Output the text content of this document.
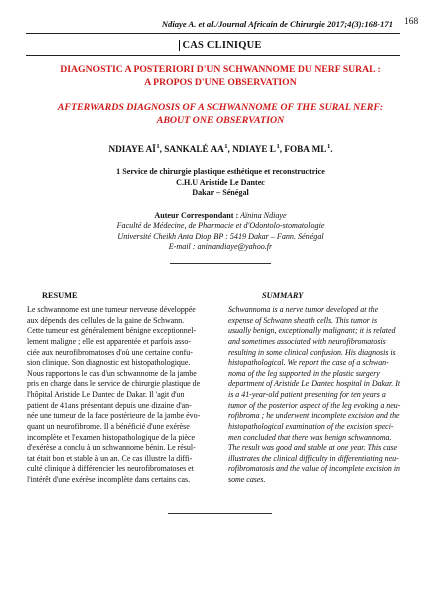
Ndiaye A. et al./Journal Africain de Chirurgie 2017;4(3):168-171 168
CAS CLINIQUE
DIAGNOSTIC A POSTERIORI D'UN SCHWANNOME DU NERF SURAL :
A PROPOS D'UNE OBSERVATION
AFTERWARDS DIAGNOSIS OF A SCHWANNOME OF THE SURAL NERF:
ABOUT ONE OBSERVATION
NDIAYE $AÏ^1$, SANKALÉ $AA^1$, NDIAYE $L^1$, FOBA $ML^1$.
1 Service de chirurgie plastique esthétique et reconstructrice
C.H.U Aristide Le Dantec
Dakar – Sénégal
Auteur Correspondant : Aïnina Ndiaye
Faculté de Médecine, de Pharmacie et d'Odontolo-stomatologie
Université Cheikh Anta Diop BP : 5419 Dakar – Fann. Sénégal
E-mail : aninandiaye@yahoo.fr
RESUME	SUMMARY
Le schwannome est une tumeur nerveuse développée
aux dépends des cellules de la gaine de Schwann.
Cette tumeur est généralement bénigne exceptionnel-
lement maligne ; elle est apparentée et parfois asso-
ciée aux neurofibromatoses d'où une certaine confu-
sion clinique. Son diagnostic est histopathologique.
Nous rapportons le cas d'un schwannome de la jambe
pris en charge dans le service de chirurgie plastique de
l'hôpital Aristide Le Dantec de Dakar. Il 'agit d'un
patient de 41ans présentant depuis une dizaine d'an-
née une tumeur de la face postérieure de la jambe évo-
quant un neurofibrome. Il a bénéficié d'une exérèse
incomplète et l'examen histopathologique de la pièce
d'exérèse a conclu à un schwannome bénin. Le résul-
tat était bon et stable à un an. Ce cas illustre la diffi-
culté clinique à différencier les neurofibromatoses et
l'intérêt d'une exérèse incomplète dans certains cas.
Schwannoma is a nerve tumor developed at the
expense of Schwann sheath cells. This tumor is
usually benign, exceptionally malignant; it is related
and sometimes associated with neurofibromatosis
resulting in some clinical confusion. His diagnosis is
histopathological. We report the case of a schwan-
noma of the leg supported in the plastic surgery
department of Aristide Le Dantec hospital in Dakar. It
is a 41-year-old patient presenting for ten years a
tumor of the posterior aspect of the leg evoking a neu-
rofibroma ; he underwent incomplete excision and the
histopathological examination of the excision speci-
men concluded that there was benign schwannoma.
The result was good and stable at one year. This case
illustrates the clinical difficulty in differentiating neu-
rofibromatosis and the value of incomplete excision in
some cases.
